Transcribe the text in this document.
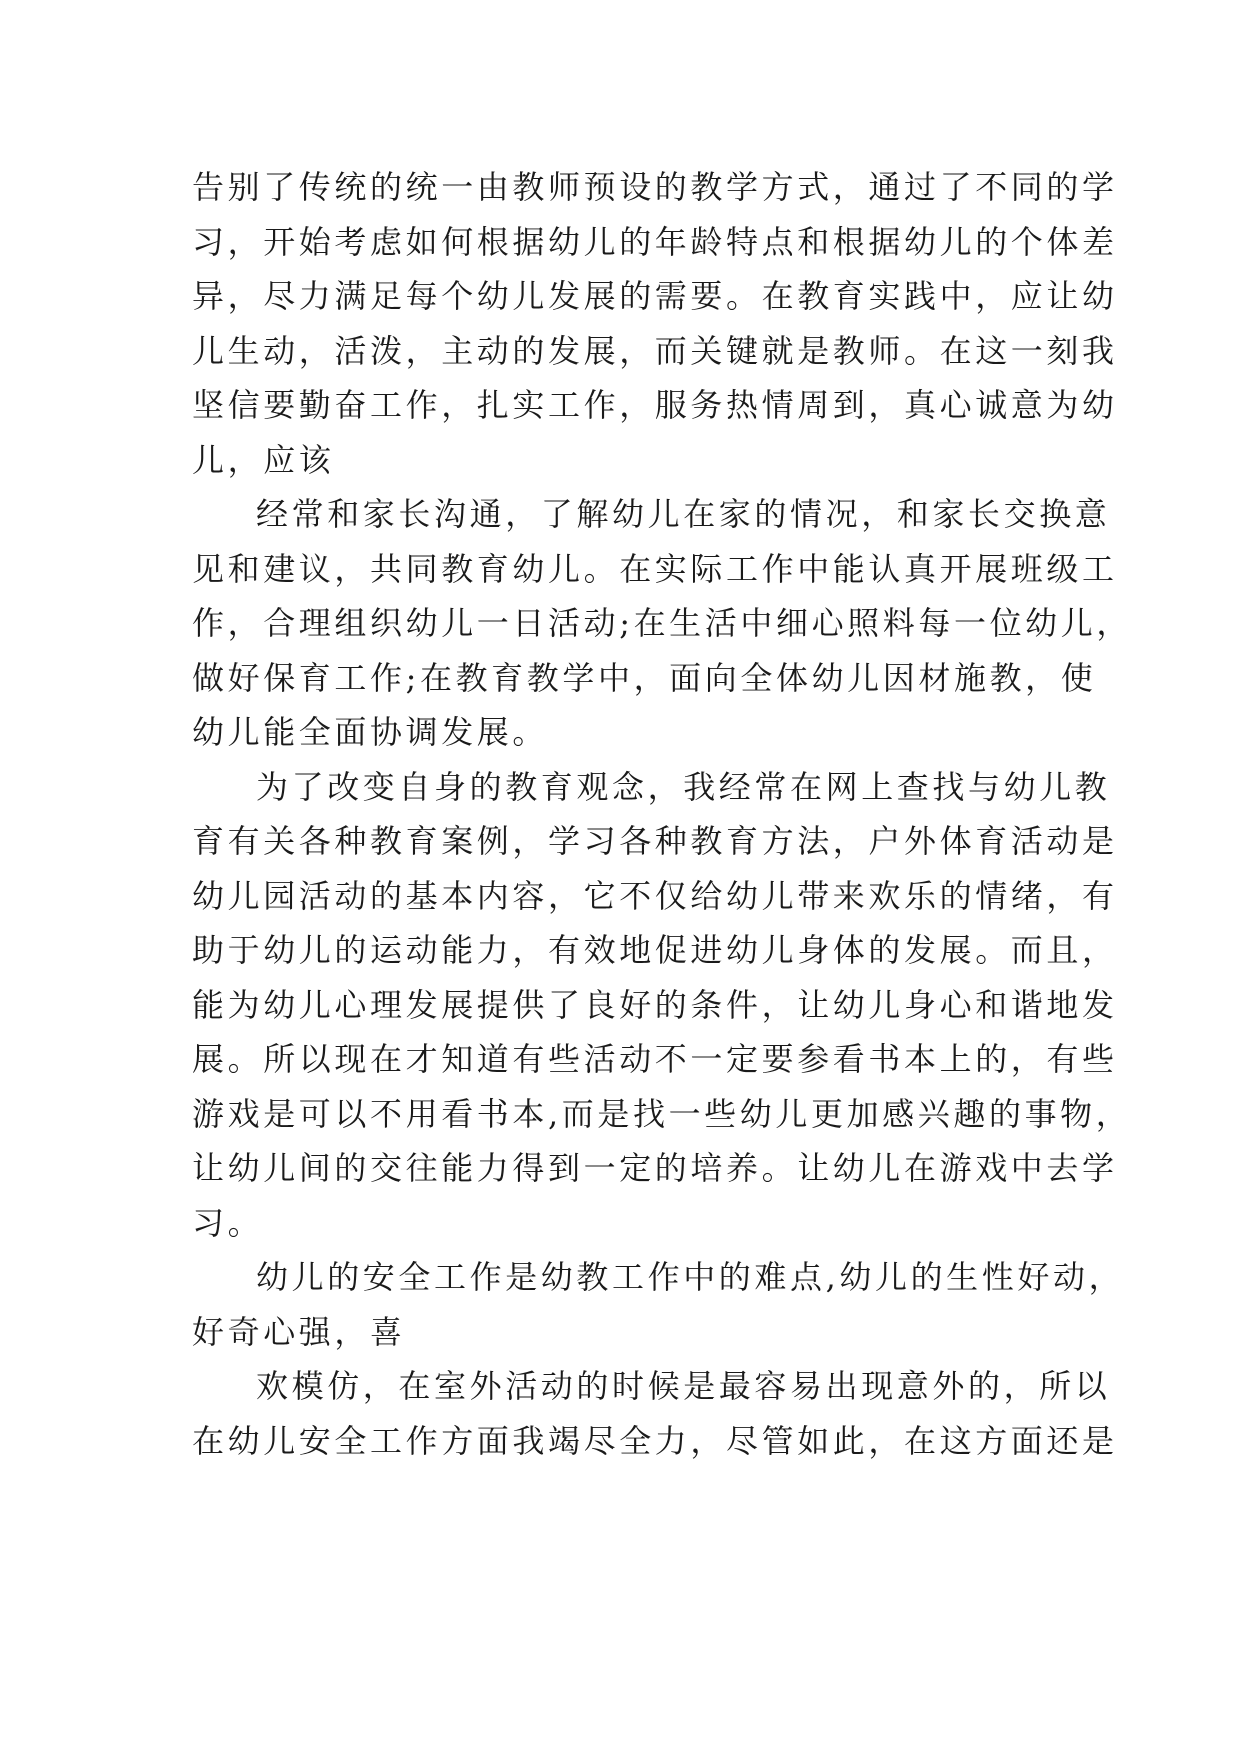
告别了传统的统一由教师预设的教学方式，通过了不同的学
习，开始考虑如何根据幼儿的年龄特点和根据幼儿的个体差
异，尽力满足每个幼儿发展的需要。在教育实践中，应让幼
儿生动，活泼，主动的发展，而关键就是教师。在这一刻我
坚信要勤奋工作，扎实工作，服务热情周到，真心诚意为幼
儿，应该
经常和家长沟通，了解幼儿在家的情况，和家长交换意
见和建议，共同教育幼儿。在实际工作中能认真开展班级工
作，合理组织幼儿一日活动;在生活中细心照料每一位幼儿，
做好保育工作;在教育教学中，面向全体幼儿因材施教，使
幼儿能全面协调发展。
为了改变自身的教育观念，我经常在网上查找与幼儿教
育有关各种教育案例，学习各种教育方法，户外体育活动是
幼儿园活动的基本内容，它不仅给幼儿带来欢乐的情绪，有
助于幼儿的运动能力，有效地促进幼儿身体的发展。而且，
能为幼儿心理发展提供了良好的条件，让幼儿身心和谐地发
展。所以现在才知道有些活动不一定要参看书本上的，有些
游戏是可以不用看书本,而是找一些幼儿更加感兴趣的事物，
让幼儿间的交往能力得到一定的培养。让幼儿在游戏中去学
习。
幼儿的安全工作是幼教工作中的难点,幼儿的生性好动，
好奇心强，喜
欢模仿，在室外活动的时候是最容易出现意外的，所以
在幼儿安全工作方面我竭尽全力，尽管如此，在这方面还是
